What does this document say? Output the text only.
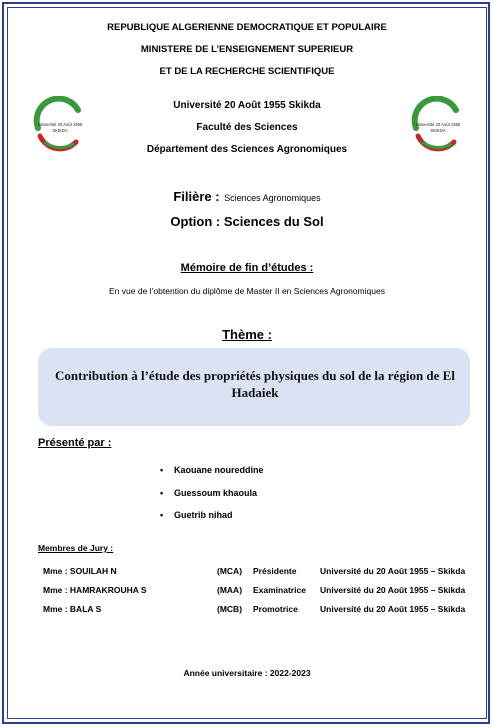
REPUBLIQUE ALGERIENNE DEMOCRATIQUE ET POPULAIRE
MINISTERE DE L’ENSEIGNEMENT SUPERIEUR
ET DE LA RECHERCHE SCIENTIFIQUE
Université 20 Août 1955
SKIKDA
Université 20 Août 1955
SKIKDA
Université 20 Août 1955 Skikda
Faculté des Sciences
Département des Sciences Agronomiques
Filière : Sciences Agronomiques
Option : Sciences du Sol
Mémoire de fin d’études :
En vue de l’obtention du diplôme de Master II en Sciences Agronomiques
Thème :
Contribution à l’étude des propriétés physiques du sol de la région de El Hadaiek
Présenté par :
• Kaouane noureddine
• Guessoum khaoula
• Guetrib nihad
Membres de Jury :
Mme : SOUILAH N	(MCA) Présidente	Université du 20 Août 1955 – Skikda
Mme : HAMRAKROUHA S	(MAA) Examinatrice Université du 20 Août 1955 – Skikda
Mme : BALA S	(MCB) Promotrice	Université du 20 Août 1955 – Skikda
Année universitaire : 2022-2023
